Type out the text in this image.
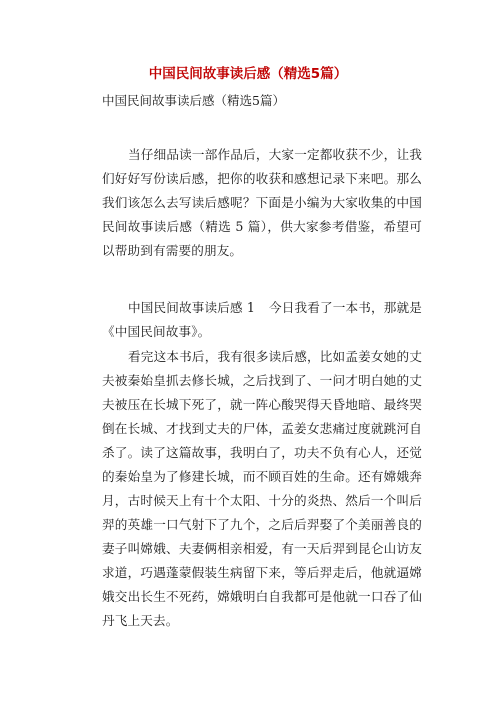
中国民间故事读后感（精选5篇）
中国民间故事读后感（精选5篇）

当仔细品读一部作品后，大家一定都收获不少，让我们好好写份读后感，把你的收获和感想记录下来吧。那么我们该怎么去写读后感呢？下面是小编为大家收集的中国民间故事读后感（精选 5 篇），供大家参考借鉴，希望可以帮助到有需要的朋友。

中国民间故事读后感 1 今日我看了一本书，那就是《中国民间故事》。

看完这本书后，我有很多读后感，比如孟姜女她的丈夫被秦始皇抓去修长城，之后找到了、一问才明白她的丈夫被压在长城下死了，就一阵心酸哭得天昏地暗、最终哭倒在长城、才找到丈夫的尸体，孟姜女悲痛过度就跳河自杀了。读了这篇故事，我明白了，功夫不负有心人，还觉的秦始皇为了修建长城，而不顾百姓的生命。还有嫦娥奔月，古时候天上有十个太阳、十分的炎热、然后一个叫后羿的英雄一口气射下了九个，之后后羿娶了个美丽善良的妻子叫嫦娥、夫妻俩相亲相爱，有一天后羿到昆仑山访友求道，巧遇蓬蒙假装生病留下来，等后羿走后，他就逼嫦娥交出长生不死药，嫦娥明白自我都可是他就一口吞了仙丹飞上天去。
